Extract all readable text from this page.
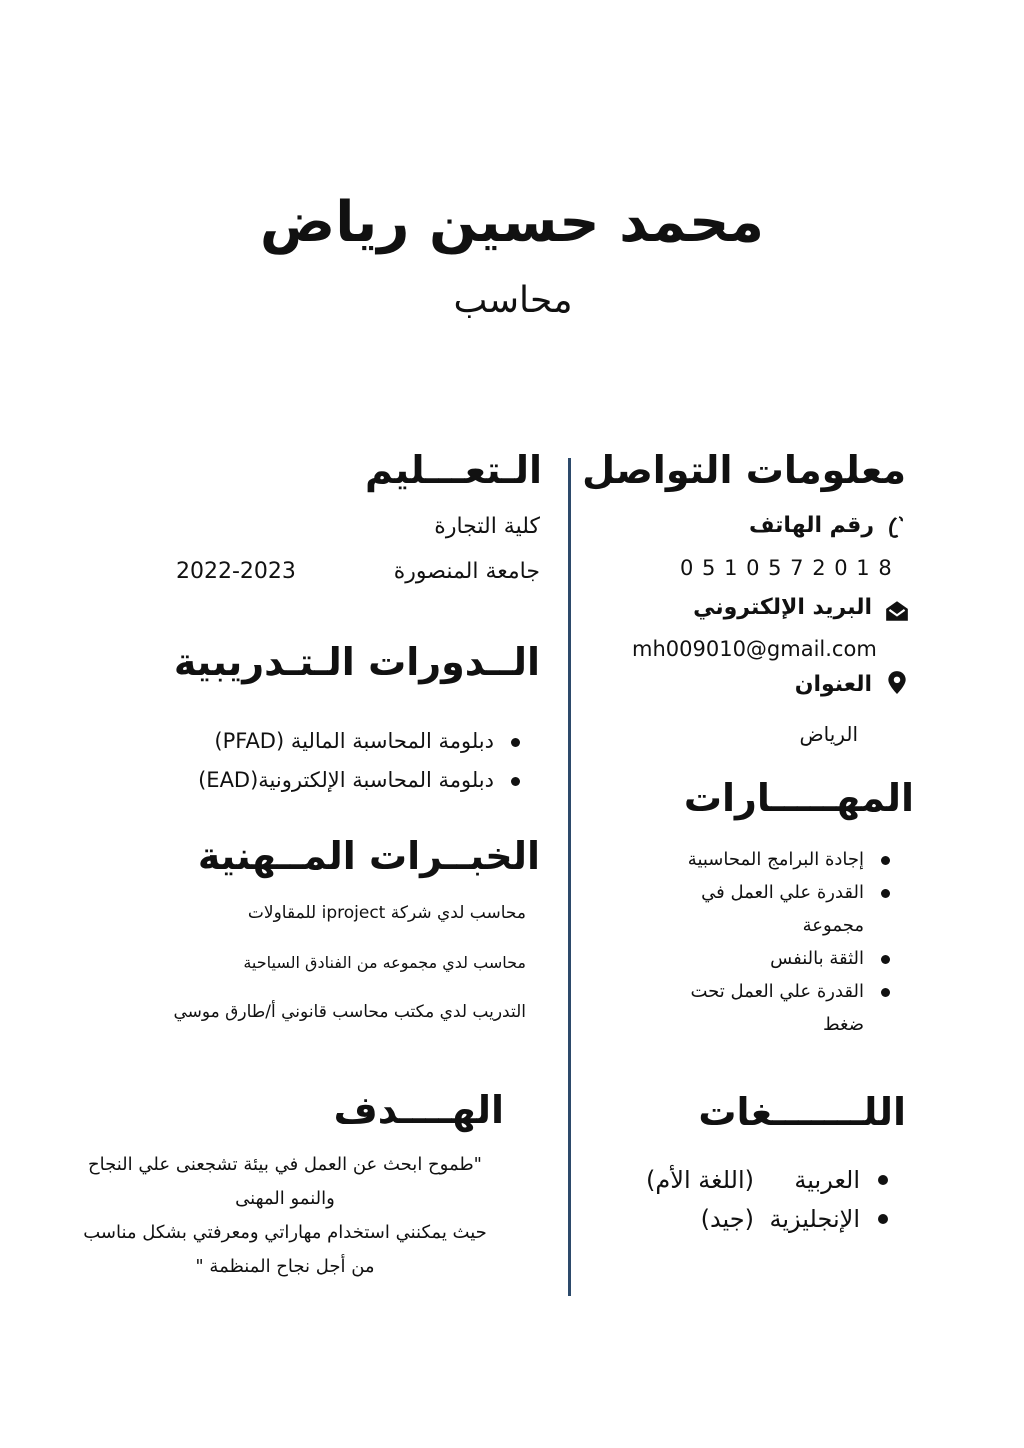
محمد حسين رياض
محاسب
معلومات التواصل
رقم الهاتف
0 5 1 0 5 7 2 0 1 8
البريد الإلكتروني
mh009010@gmail.com
العنوان
الرياض
المهـــــارات
إجادة البرامج المحاسبية
القدرة علي العمل في
مجموعة
الثقة بالنفس
القدرة علي العمل تحت
ضغط
اللـــــــغات
العربية
(اللغة الأم)
الإنجليزية
(جيد)
الـتعـــليم
كلية التجارة
جامعة المنصورة
2022-2023
الــدورات الـتـدريبية
دبلومة المحاسبة المالية (PFAD)
دبلومة المحاسبة الإلكترونية(EAD)
الخبــرات المــهنية
محاسب لدي شركة iproject للمقاولات
محاسب لدي مجموعه من الفنادق السياحية
التدريب لدي مكتب محاسب قانوني أ/طارق موسي
الهــــدف
"طموح ابحث عن العمل في بيئة تشجعنى علي النجاح
والنمو المهنى
حيث يمكنني استخدام مهاراتي ومعرفتي بشكل مناسب
من أجل نجاح المنظمة "
